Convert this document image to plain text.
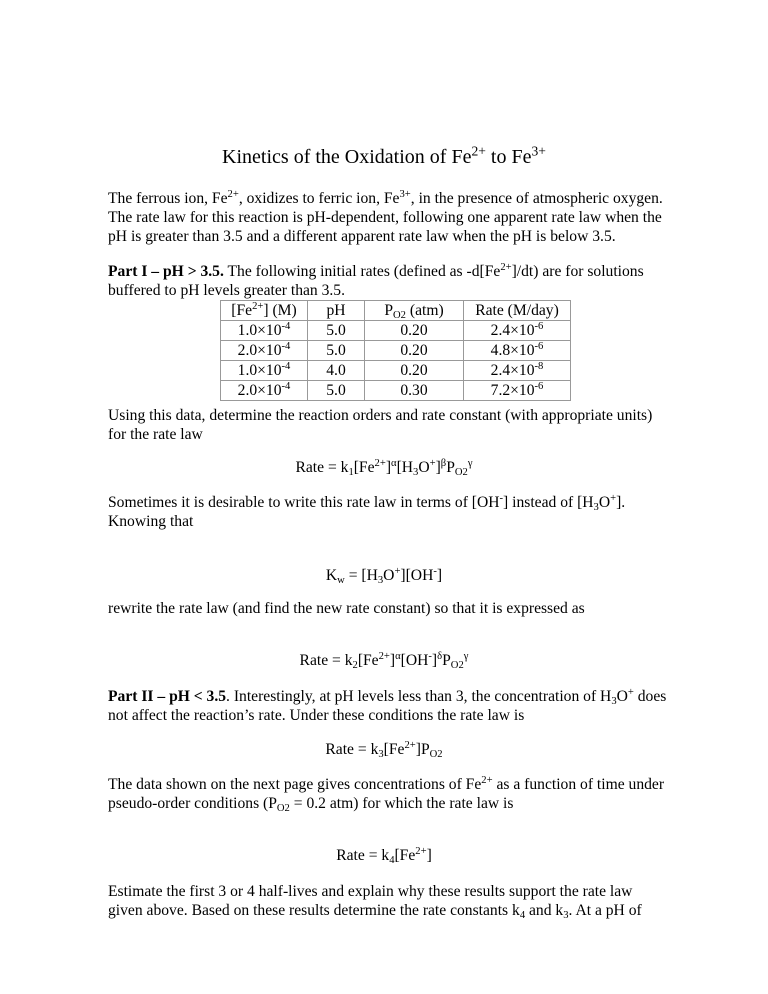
Kinetics of the Oxidation of $Fe^{2+}$ to $Fe^{3+}$
The ferrous ion, $Fe^{2+}$, oxidizes to ferric ion, $Fe^{3+}$, in the presence of atmospheric oxygen. The rate law for this reaction is pH-dependent, following one apparent rate law when the pH is greater than 3.5 and a different apparent rate law when the pH is below 3.5.
Part I – pH > 3.5. The following initial rates (defined as $-d[Fe^{2+}]/dt$) are for solutions buffered to pH levels greater than 3.5.
$[Fe^{2+}]$ (M)	pH	$P_{O2}$ (atm)	Rate (M/day)
$1.0\times 10^{-4}$	5.0	0.20	$2.4\times 10^{-6}$
$2.0\times 10^{-4}$	5.0	0.20	$4.8\times 10^{-6}$
$1.0\times 10^{-4}$	4.0	0.20	$2.4\times 10^{-8}$
$2.0\times 10^{-4}$	5.0	0.30	$7.2\times 10^{-6}$
Using this data, determine the reaction orders and rate constant (with appropriate units) for the rate law
Rate = $k_1[Fe^{2+}]^\alpha[H_3O^+]^\beta P_{O2}^\gamma$
Sometimes it is desirable to write this rate law in terms of [OH-] instead of $[H_3O^+]$. Knowing that
$K_w = [H_3O^+][OH^-]$
rewrite the rate law (and find the new rate constant) so that it is expressed as
Rate = $k_2[Fe^{2+}]^\alpha[OH^-]^\delta P_{O2}^\gamma$
Part II – pH < 3.5. Interestingly, at pH levels less than 3, the concentration of $H_3O^+$ does not affect the reaction’s rate. Under these conditions the rate law is
Rate = $k_3[Fe^{2+}]P_{O2}$
The data shown on the next page gives concentrations of $Fe^{2+}$ as a function of time under pseudo-order conditions ($P_{O2} = 0.2$ atm) for which the rate law is
Rate = $k_4[Fe^{2+}]$
Estimate the first 3 or 4 half-lives and explain why these results support the rate law given above. Based on these results determine the rate constants $k_4$ and $k_3$. At a pH of
